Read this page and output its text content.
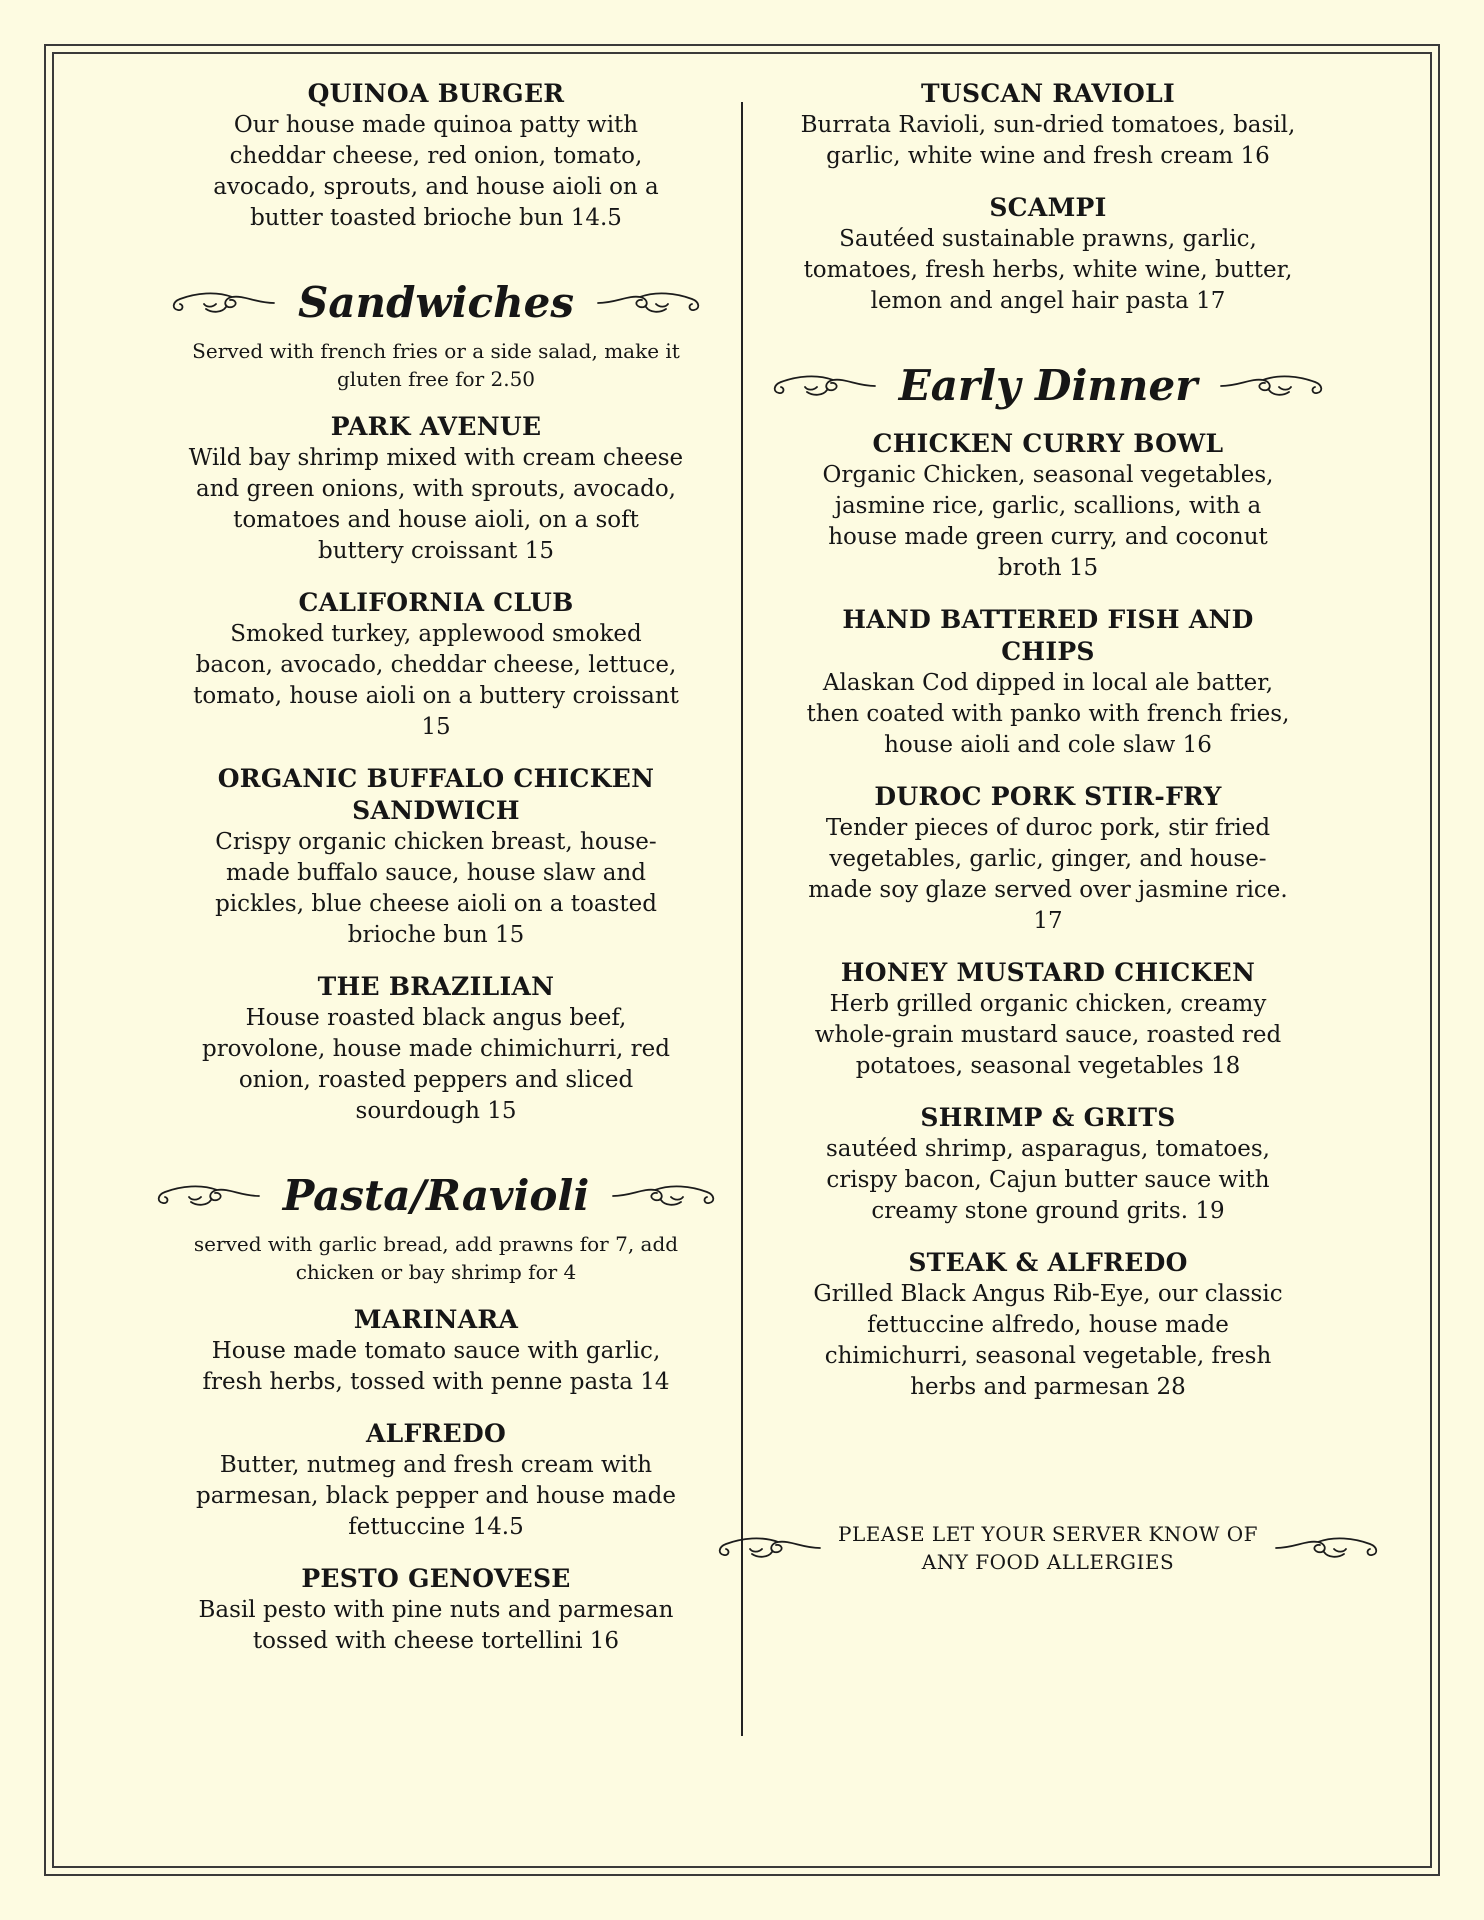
QUINOA BURGER
Our house made quinoa patty with cheddar cheese, red onion, tomato, avocado, sprouts, and house aioli on a butter toasted brioche bun 14.5
Sandwiches
Served with french fries or a side salad, make it gluten free for 2.50
PARK AVENUE
Wild bay shrimp mixed with cream cheese and green onions, with sprouts, avocado, tomatoes and house aioli, on a soft buttery croissant 15
CALIFORNIA CLUB
Smoked turkey, applewood smoked bacon, avocado, cheddar cheese, lettuce, tomato, house aioli on a buttery croissant 15
ORGANIC BUFFALO CHICKEN SANDWICH
Crispy organic chicken breast, house-made buffalo sauce, house slaw and pickles, blue cheese aioli on a toasted brioche bun 15
THE BRAZILIAN
House roasted black angus beef, provolone, house made chimichurri, red onion, roasted peppers and sliced sourdough 15
Pasta/Ravioli
served with garlic bread, add prawns for 7, add chicken or bay shrimp for 4
MARINARA
House made tomato sauce with garlic, fresh herbs, tossed with penne pasta 14
ALFREDO
Butter, nutmeg and fresh cream with parmesan, black pepper and house made fettuccine 14.5
PESTO GENOVESE
Basil pesto with pine nuts and parmesan tossed with cheese tortellini 16
TUSCAN RAVIOLI
Burrata Ravioli, sun-dried tomatoes, basil, garlic, white wine and fresh cream 16
SCAMPI
Sautéed sustainable prawns, garlic, tomatoes, fresh herbs, white wine, butter, lemon and angel hair pasta 17
Early Dinner
CHICKEN CURRY BOWL
Organic Chicken, seasonal vegetables, jasmine rice, garlic, scallions, with a house made green curry, and coconut broth 15
HAND BATTERED FISH AND CHIPS
Alaskan Cod dipped in local ale batter, then coated with panko with french fries, house aioli and cole slaw 16
DUROC PORK STIR-FRY
Tender pieces of duroc pork, stir fried vegetables, garlic, ginger, and house-made soy glaze served over jasmine rice. 17
HONEY MUSTARD CHICKEN
Herb grilled organic chicken, creamy whole-grain mustard sauce, roasted red potatoes, seasonal vegetables 18
SHRIMP & GRITS
sautéed shrimp, asparagus, tomatoes, crispy bacon, Cajun butter sauce with creamy stone ground grits. 19
STEAK & ALFREDO
Grilled Black Angus Rib-Eye, our classic fettuccine alfredo, house made chimichurri, seasonal vegetable, fresh herbs and parmesan 28
PLEASE LET YOUR SERVER KNOW OF ANY FOOD ALLERGIES
